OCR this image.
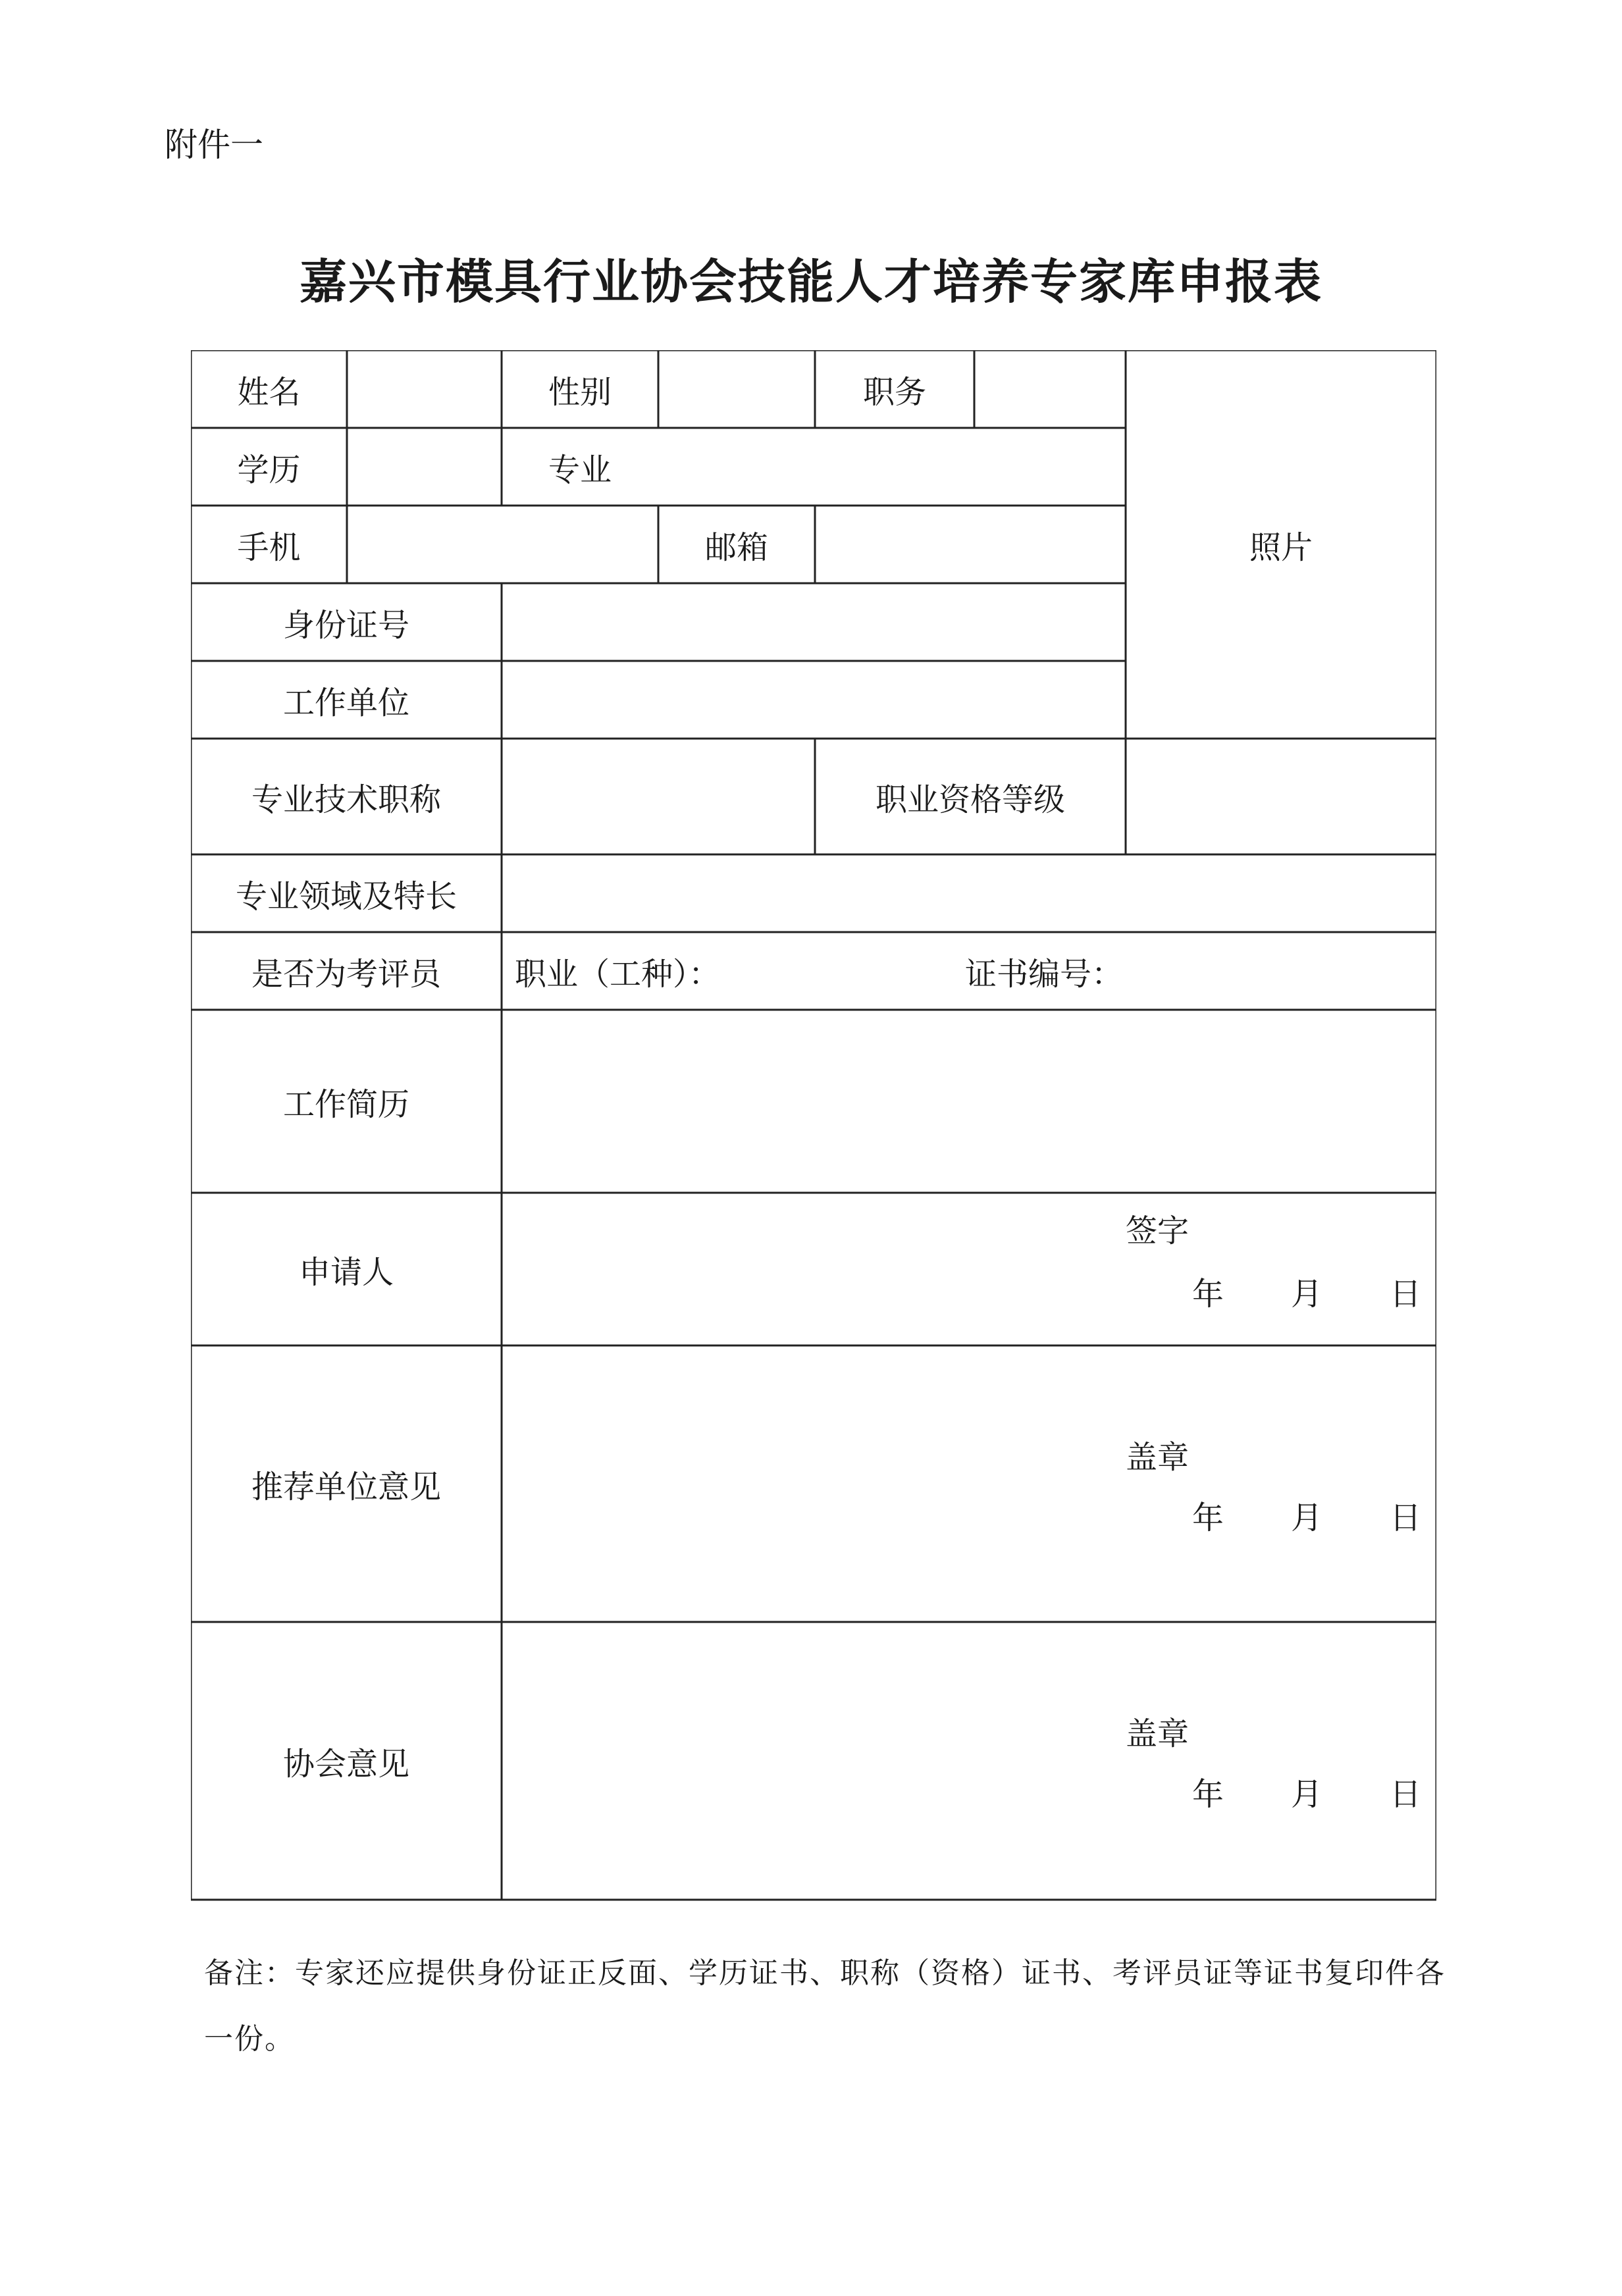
附件一
嘉兴市模具行业协会技能人才培养专家库申报表
姓名	性别	职务
照片
学历	专业
手机	邮箱
身份证号
工作单位
专业技术职称	职业资格等级
专业领域及特长
是否为考评员	职业（工种）：	证书编号：
工作简历
申请人
签字
年	月	日
推荐单位意见
盖章
年	月	日
协会意见
盖章
年	月	日
备注：专家还应提供身份证正反面、学历证书、职称（资格）证书、考评员证等证书复印件各一份。
